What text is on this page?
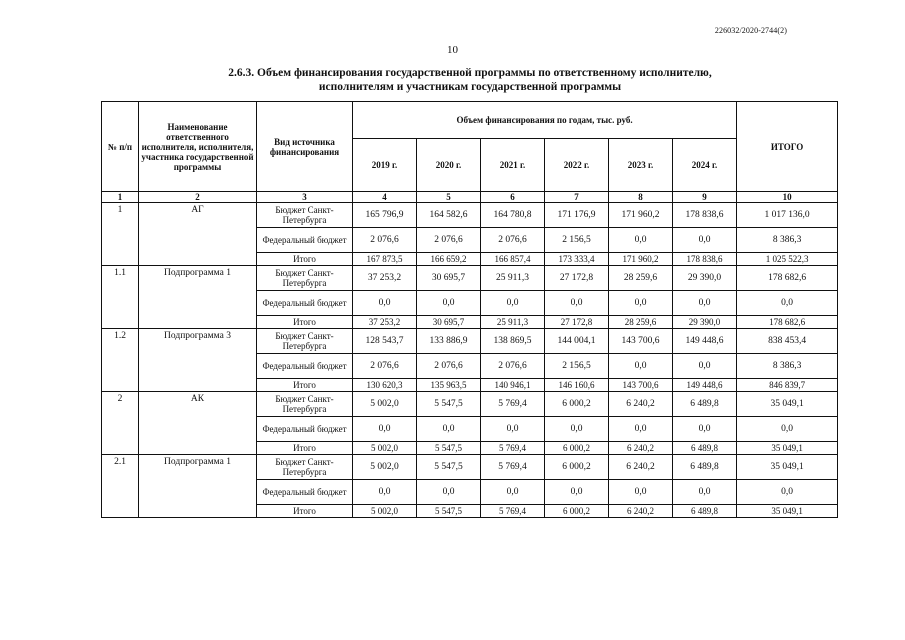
226032/2020-2744(2)
10
2.6.3. Объем финансирования государственной программы по ответственному исполнителю,
исполнителям и участникам государственной программы
№ п/п	Наименование ответственного исполнителя, исполнителя, участника государственной программы	Вид источника финансирования	Объем финансирования по годам, тыс. руб.						ИТОГО
			2019 г.	2020 г.	2021 г.	2022 г.	2023 г.	2024 г.	
1	2	3	4	5	6	7	8	9	10
1	АГ	Бюджет Санкт-Петербурга	165 796,9	164 582,6	164 780,8	171 176,9	171 960,2	178 838,6	1 017 136,0
		Федеральный бюджет	2 076,6	2 076,6	2 076,6	2 156,5	0,0	0,0	8 386,3
		Итого	167 873,5	166 659,2	166 857,4	173 333,4	171 960,2	178 838,6	1 025 522,3
1.1	Подпрограмма 1	Бюджет Санкт-Петербурга	37 253,2	30 695,7	25 911,3	27 172,8	28 259,6	29 390,0	178 682,6
		Федеральный бюджет	0,0	0,0	0,0	0,0	0,0	0,0	0,0
		Итого	37 253,2	30 695,7	25 911,3	27 172,8	28 259,6	29 390,0	178 682,6
1.2	Подпрограмма 3	Бюджет Санкт-Петербурга	128 543,7	133 886,9	138 869,5	144 004,1	143 700,6	149 448,6	838 453,4
		Федеральный бюджет	2 076,6	2 076,6	2 076,6	2 156,5	0,0	0,0	8 386,3
		Итого	130 620,3	135 963,5	140 946,1	146 160,6	143 700,6	149 448,6	846 839,7
2	АК	Бюджет Санкт-Петербурга	5 002,0	5 547,5	5 769,4	6 000,2	6 240,2	6 489,8	35 049,1
		Федеральный бюджет	0,0	0,0	0,0	0,0	0,0	0,0	0,0
		Итого	5 002,0	5 547,5	5 769,4	6 000,2	6 240,2	6 489,8	35 049,1
2.1	Подпрограмма 1	Бюджет Санкт-Петербурга	5 002,0	5 547,5	5 769,4	6 000,2	6 240,2	6 489,8	35 049,1
		Федеральный бюджет	0,0	0,0	0,0	0,0	0,0	0,0	0,0
		Итого	5 002,0	5 547,5	5 769,4	6 000,2	6 240,2	6 489,8	35 049,1
